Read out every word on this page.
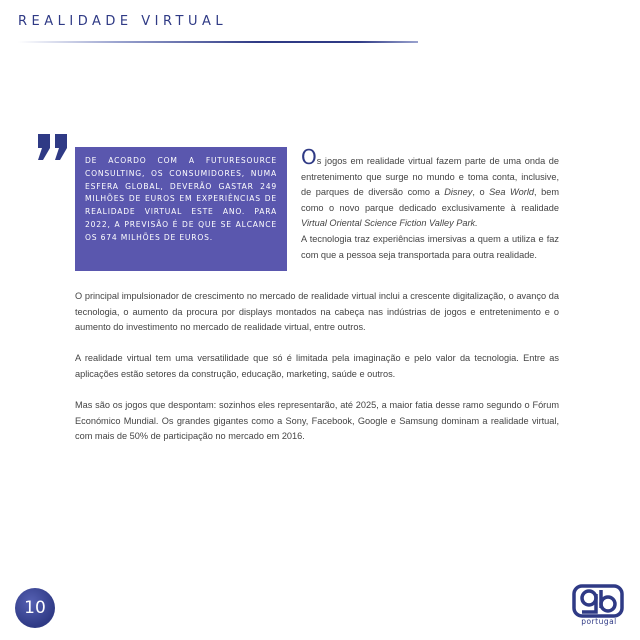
REALIDADE VIRTUAL

DE ACORDO COM A FUTURESOURCE CONSULTING, OS CONSUMIDORES, NUMA ESFERA GLOBAL, DEVERÃO GASTAR 249 MILHÕES DE EUROS EM EXPERIÊNCIAS DE REALIDADE VIRTUAL ESTE ANO. PARA 2022, A PREVISÃO É DE QUE SE ALCANCE OS 674 MILHÕES DE EUROS.

Os jogos em realidade virtual fazem parte de uma onda de entretenimento que surge no mundo e toma conta, inclusive, de parques de diversão como a Disney, o Sea World, bem como o novo parque dedicado exclusivamente à realidade Virtual Oriental Science Fiction Valley Park.

A tecnologia traz experiências imersivas a quem a utiliza e faz com que a pessoa seja transportada para outra realidade.

O principal impulsionador de crescimento no mercado de realidade virtual inclui a crescente digitalização, o avanço da tecnologia, o aumento da procura por displays montados na cabeça nas indústrias de jogos e entretenimento e o aumento do investimento no mercado de realidade virtual, entre outros.

A realidade virtual tem uma versatilidade que só é limitada pela imaginação e pelo valor da tecnologia. Entre as aplicações estão setores da construção, educação, marketing, saúde e outros.

Mas são os jogos que despontam: sozinhos eles representarão, até 2025, a maior fatia desse ramo segundo o Fórum Económico Mundial. Os grandes gigantes como a Sony, Facebook, Google e Samsung dominam a realidade virtual, com mais de 50% de participação no mercado em 2016.

10
portugal
